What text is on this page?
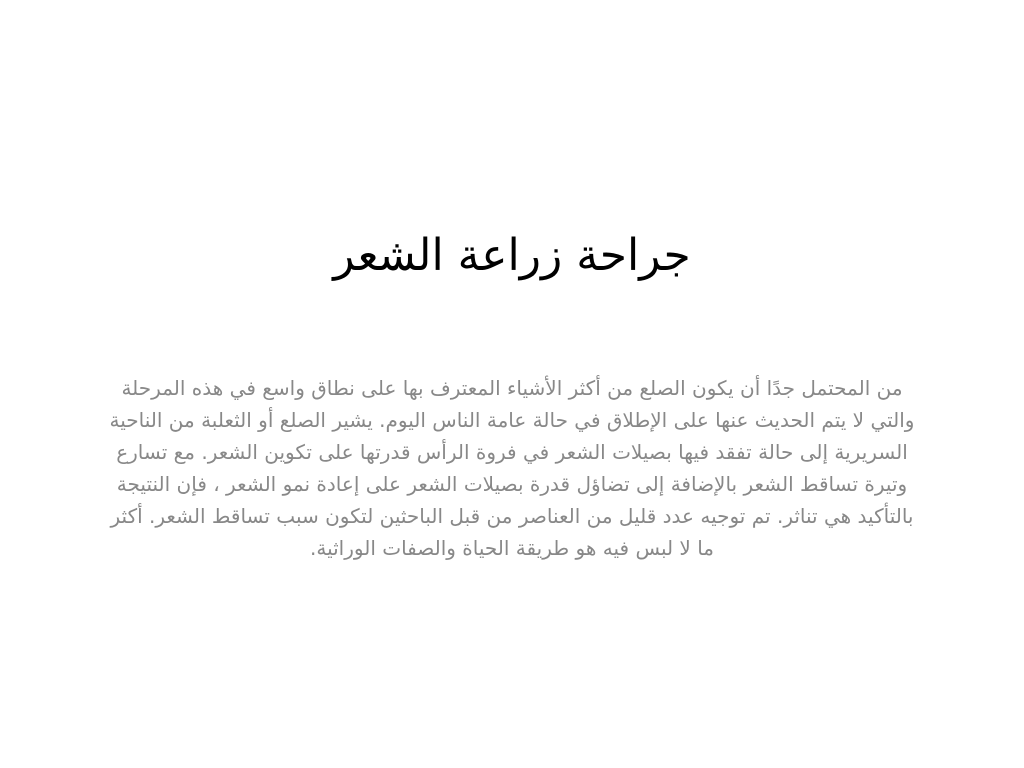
جراحة زراعة الشعر

من المحتمل جدًا أن يكون الصلع من أكثر الأشياء المعترف بها على نطاق واسع في هذه المرحلة والتي لا يتم الحديث عنها على الإطلاق في حالة عامة الناس اليوم. يشير الصلع أو الثعلبة من الناحية السريرية إلى حالة تفقد فيها بصيلات الشعر في فروة الرأس قدرتها على تكوين الشعر. مع تسارع وتيرة تساقط الشعر بالإضافة إلى تضاؤل قدرة بصيلات الشعر على إعادة نمو الشعر ، فإن النتيجة بالتأكيد هي تناثر. تم توجيه عدد قليل من العناصر من قبل الباحثين لتكون سبب تساقط الشعر. أكثر ما لا لبس فيه هو طريقة الحياة والصفات الوراثية.
